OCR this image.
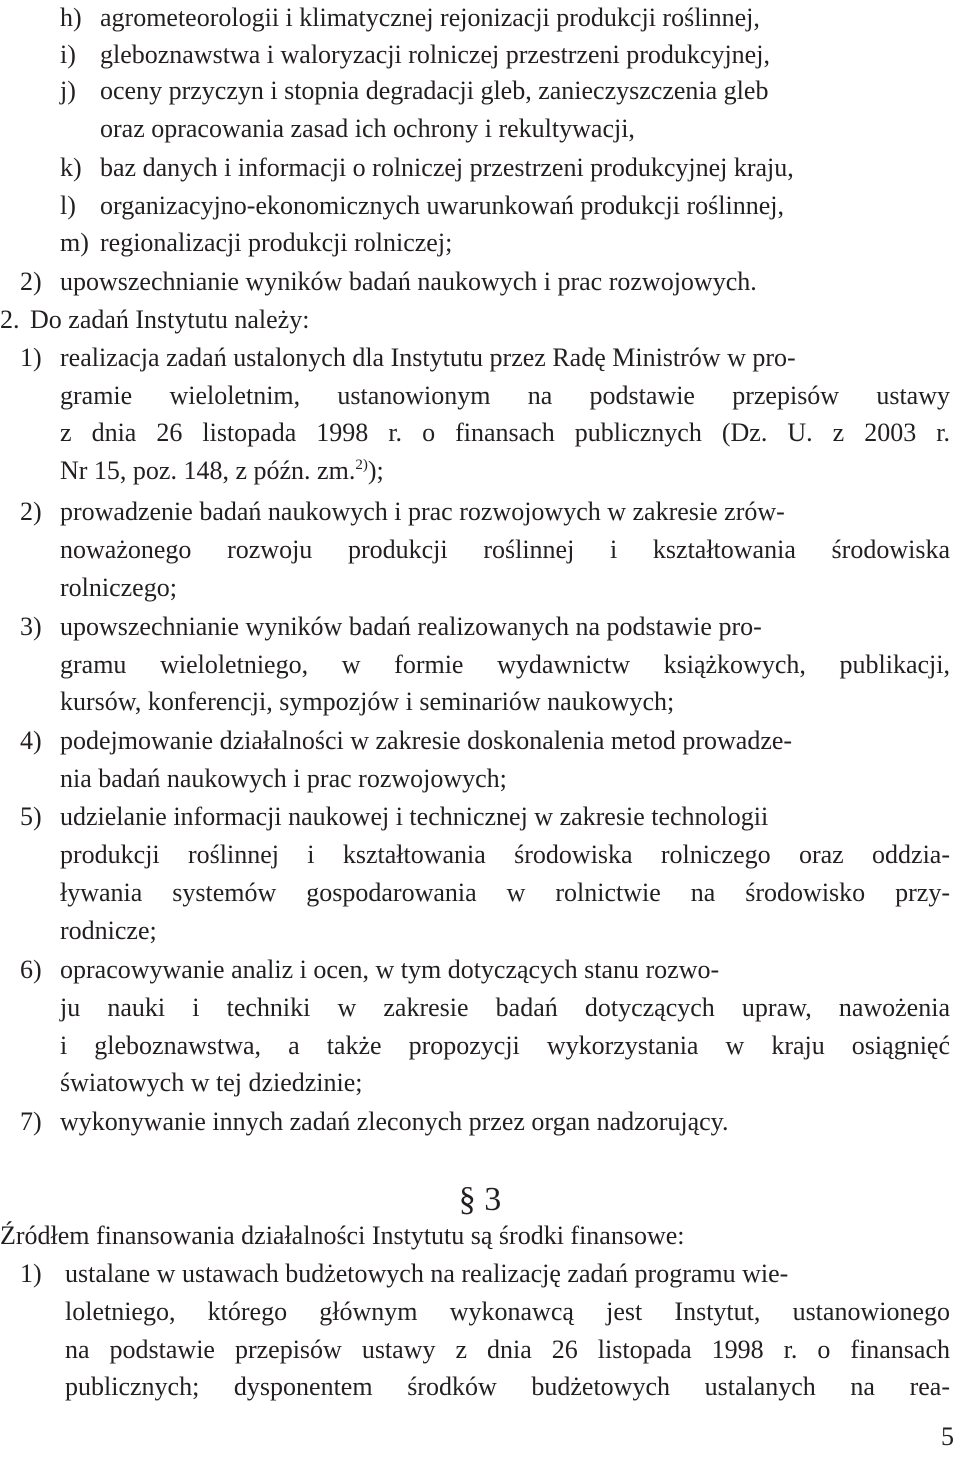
h) agrometeorologii i klimatycznej rejonizacji produkcji roślinnej,
i) gleboznawstwa i waloryzacji rolniczej przestrzeni produkcyjnej,
j) oceny przyczyn i stopnia degradacji gleb, zanieczyszczenia gleb
oraz opracowania zasad ich ochrony i rekultywacji,
k) baz danych i informacji o rolniczej przestrzeni produkcyjnej kraju,
l) organizacyjno-ekonomicznych uwarunkowań produkcji roślinnej,
m) regionalizacji produkcji rolniczej;
2) upowszechnianie wyników badań naukowych i prac rozwojowych.
2. Do zadań Instytutu należy:
1) realizacja zadań ustalonych dla Instytutu przez Radę Ministrów w pro-
gramie wieloletnim, ustanowionym na podstawie przepisów ustawy
z dnia 26 listopada 1998 r. o finansach publicznych (Dz. U. z 2003 r.
Nr 15, poz. 148, z późn. zm.$^{2)}$);
2) prowadzenie badań naukowych i prac rozwojowych w zakresie zrów-
noważonego rozwoju produkcji roślinnej i kształtowania środowiska
rolniczego;
3) upowszechnianie wyników badań realizowanych na podstawie pro-
gramu wieloletniego, w formie wydawnictw książkowych, publikacji,
kursów, konferencji, sympozjów i seminariów naukowych;
4) podejmowanie działalności w zakresie doskonalenia metod prowadze-
nia badań naukowych i prac rozwojowych;
5) udzielanie informacji naukowej i technicznej w zakresie technologii
produkcji roślinnej i kształtowania środowiska rolniczego oraz oddzia-
ływania systemów gospodarowania w rolnictwie na środowisko przy-
rodnicze;
6) opracowywanie analiz i ocen, w tym dotyczących stanu rozwo-
ju nauki i techniki w zakresie badań dotyczących upraw, nawożenia
i gleboznawstwa, a także propozycji wykorzystania w kraju osiągnięć
światowych w tej dziedzinie;
7) wykonywanie innych zadań zleconych przez organ nadzorujący.
§ 3
Źródłem finansowania działalności Instytutu są środki finansowe:
1) ustalane w ustawach budżetowych na realizację zadań programu wie-
loletniego, którego głównym wykonawcą jest Instytut, ustanowionego
na podstawie przepisów ustawy z dnia 26 listopada 1998 r. o finansach
publicznych; dysponentem środków budżetowych ustalanych na rea-
5
